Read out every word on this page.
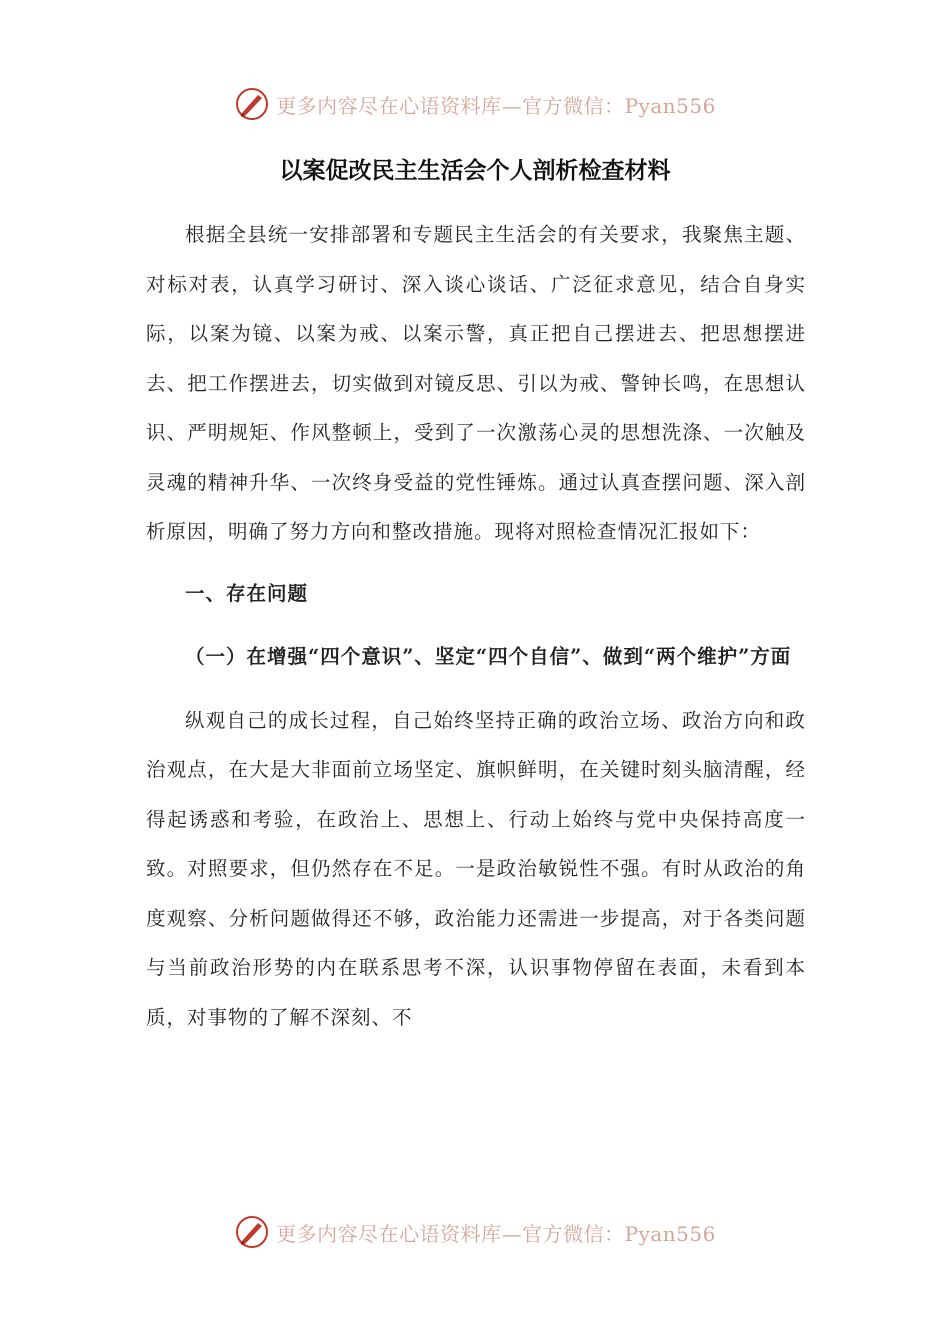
更多内容尽在心语资料库—官方微信：Pyan556
以案促改民主生活会个人剖析检查材料

根据全县统一安排部署和专题民主生活会的有关要求，我聚焦主题、对标对表，认真学习研讨、深入谈心谈话、广泛征求意见，结合自身实际，以案为镜、以案为戒、以案示警，真正把自己摆进去、把思想摆进去、把工作摆进去，切实做到对镜反思、引以为戒、警钟长鸣，在思想认识、严明规矩、作风整顿上，受到了一次激荡心灵的思想洗涤、一次触及灵魂的精神升华、一次终身受益的党性锤炼。通过认真查摆问题、深入剖析原因，明确了努力方向和整改措施。现将对照检查情况汇报如下：

一、存在问题
（一）在增强“四个意识”、坚定“四个自信”、做到“两个维护”方面

纵观自己的成长过程，自己始终坚持正确的政治立场、政治方向和政治观点，在大是大非面前立场坚定、旗帜鲜明，在关键时刻头脑清醒，经得起诱惑和考验，在政治上、思想上、行动上始终与党中央保持高度一致。对照要求，但仍然存在不足。一是政治敏锐性不强。有时从政治的角度观察、分析问题做得还不够，政治能力还需进一步提高，对于各类问题与当前政治形势的内在联系思考不深，认识事物停留在表面，未看到本质，对事物的了解不深刻、不

更多内容尽在心语资料库—官方微信：Pyan556
